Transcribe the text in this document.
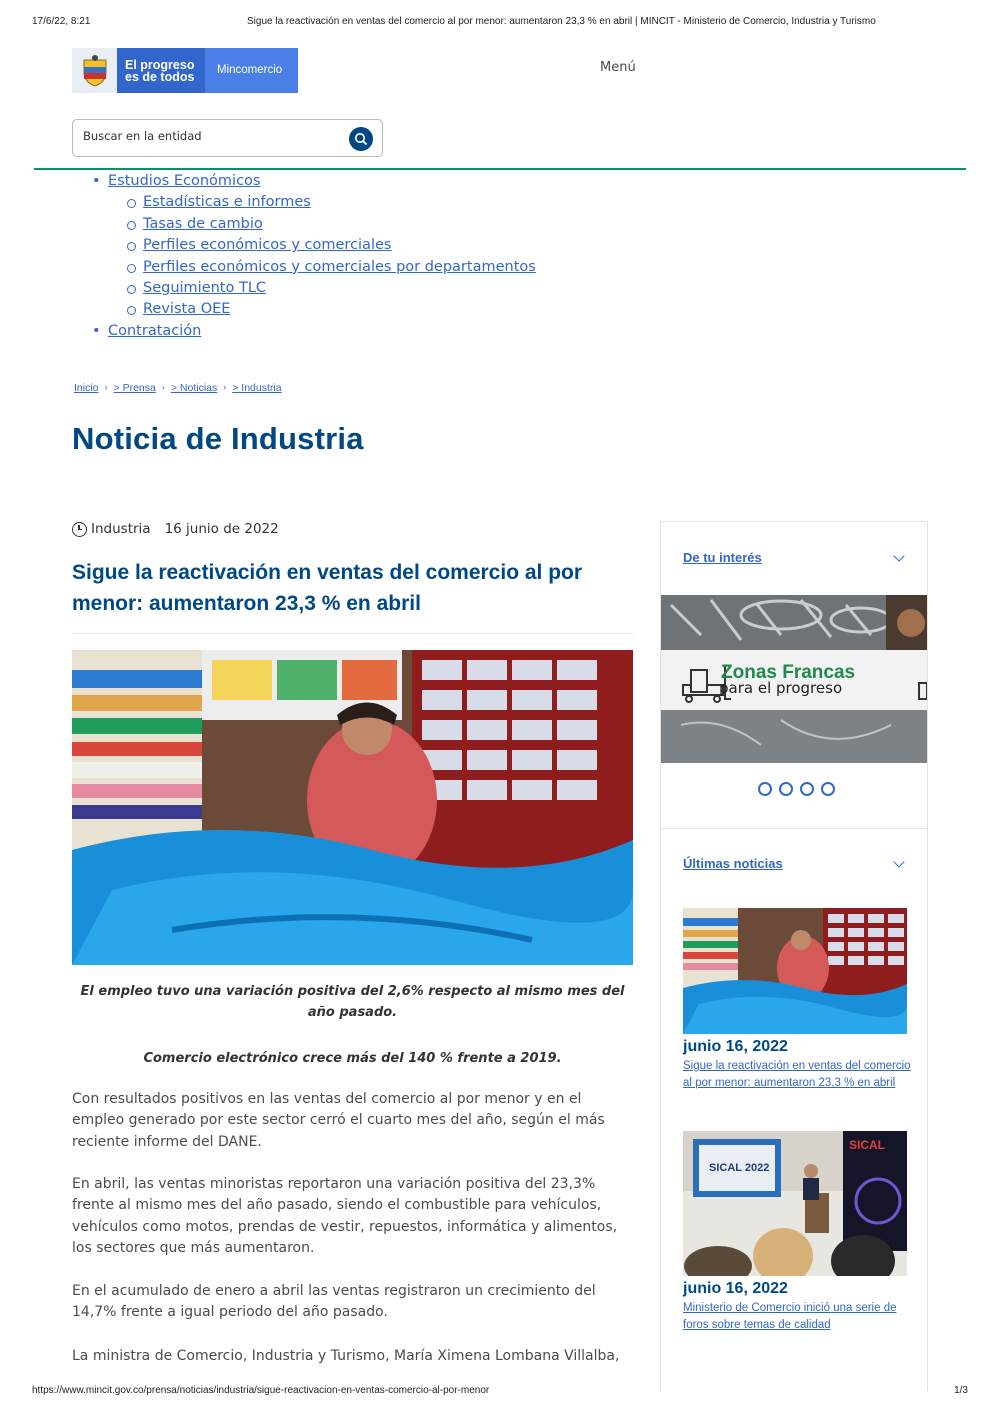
17/6/22, 8:21	Sigue la reactivación en ventas del comercio al por menor: aumentaron 23,3 % en abril | MINCIT - Ministerio de Comercio, Industria y Turismo
El progreso
es de todos	Mincomercio	Menú
Buscar en la entidad
• Estudios Económicos
Estadísticas e informes
Tasas de cambio
Perfiles económicos y comerciales
Perfiles económicos y comerciales por departamentos
Seguimiento TLC
Revista OEE
• Contratación
Inicio › > Prensa › > Noticias › > Industria
Noticia de Industria
Industria 16 junio de 2022
Sigue la reactivación en ventas del comercio al por menor: aumentaron 23,3 % en abril
El empleo tuvo una variación positiva del 2,6% respecto al mismo mes del año pasado.
Comercio electrónico crece más del 140 % frente a 2019.

Con resultados positivos en las ventas del comercio al por menor y en el empleo generado por este sector cerró el cuarto mes del año, según el más reciente informe del DANE.

En abril, las ventas minoristas reportaron una variación positiva del 23,3% frente al mismo mes del año pasado, siendo el combustible para vehículos, vehículos como motos, prendas de vestir, repuestos, informática y alimentos, los sectores que más aumentaron.

En el acumulado de enero a abril las ventas registraron un crecimiento del 14,7% frente a igual periodo del año pasado.

La ministra de Comercio, Industria y Turismo, María Ximena Lombana Villalba,

De tu interés
Zonas Francas
para el progreso
Últimas noticias
junio 16, 2022
Sigue la reactivación en ventas del comercio al por menor: aumentaron 23,3 % en abril
SICAL 2022
SICAL
junio 16, 2022
Ministerio de Comercio inició una serie de foros sobre temas de calidad
https://www.mincit.gov.co/prensa/noticias/industria/sigue-reactivacion-en-ventas-comercio-al-por-menor	1/3
